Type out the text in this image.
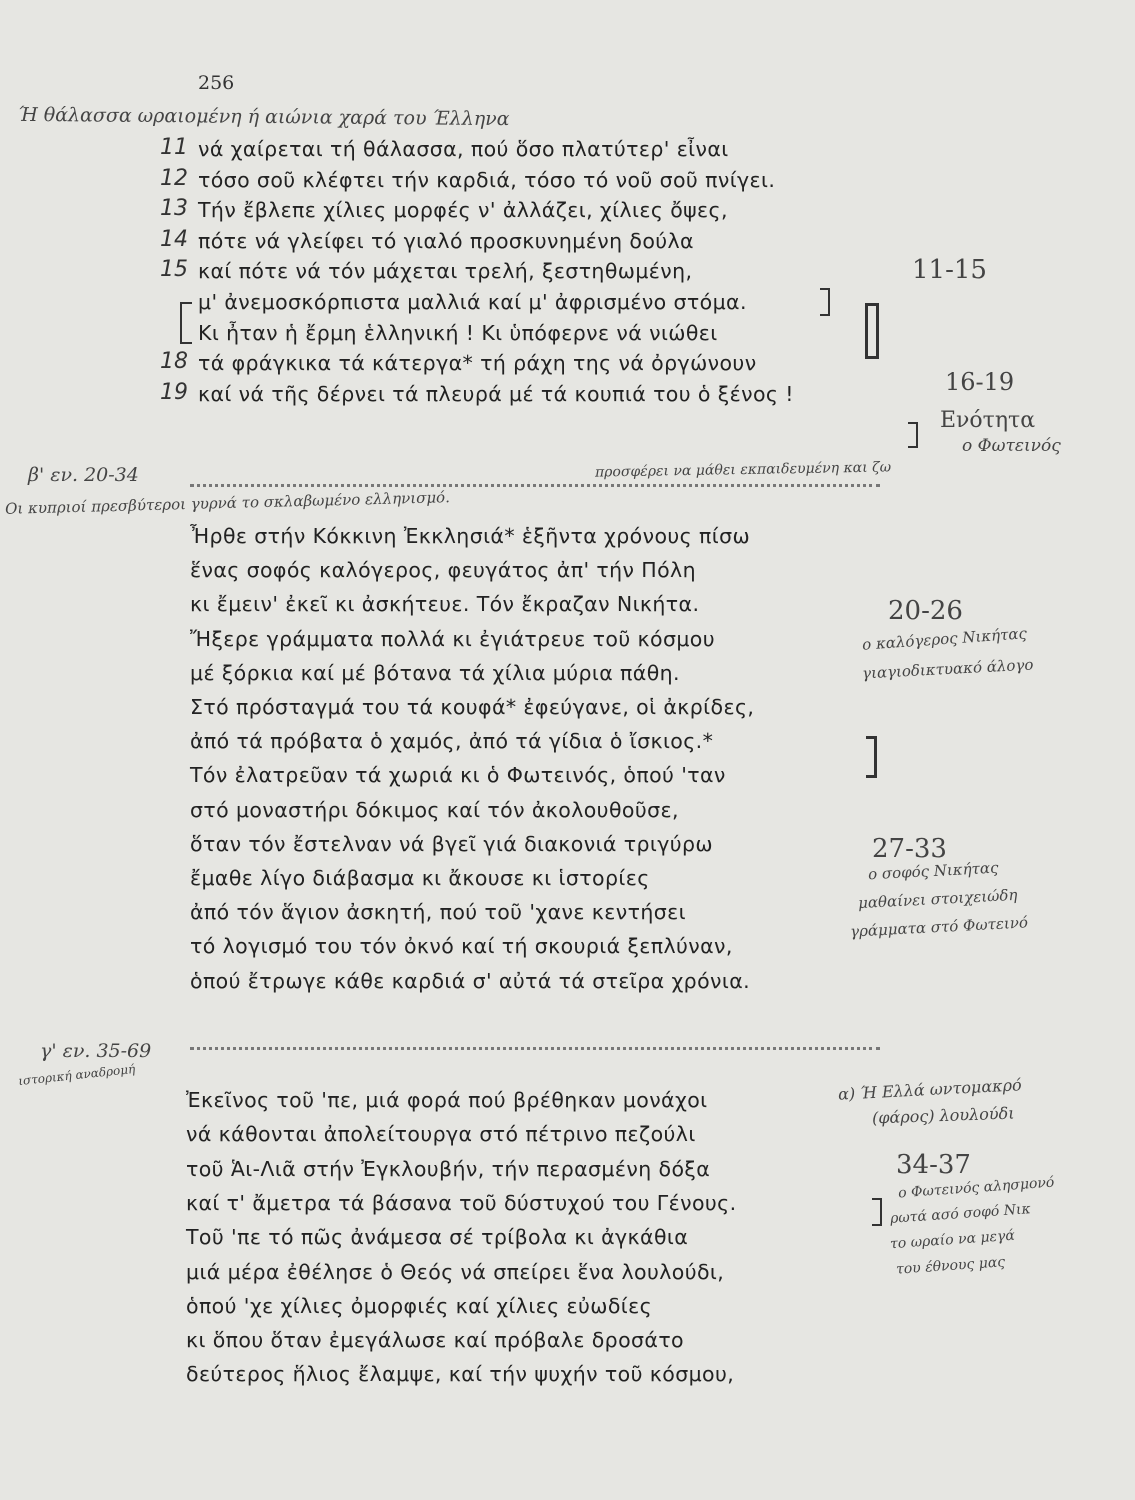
256
Ή θάλασσα ωραιομένη ή αιώνια χαρά του Έλληνα
νά χαίρεται τή θάλασσα, πού ὅσο πλατύτερ' εἶναι
11
τόσο σοῦ κλέφτει τήν καρδιά, τόσο τό νοῦ σοῦ πνίγει.
12
Τήν ἔβλεπε χίλιες μορφές ν' ἀλλάζει, χίλιες ὄψες,
13
πότε νά γλείφει τό γιαλό προσκυνημένη δούλα
14
καί πότε νά τόν μάχεται τρελή, ξεστηθωμένη,
15
μ' ἀνεμοσκόρπιστα μαλλιά καί μ' ἀφρισμένο στόμα.
Κι ἦταν ἡ ἔρμη ἑλληνική ! Κι ὑπόφερνε νά νιώθει
τά φράγκικα τά κάτεργα* τή ράχη της νά ὀργώνουν
18
καί νά τῆς δέρνει τά πλευρά μέ τά κουπιά του ὁ ξένος !
19
11-15
16-19
Ενότητα
ο Φωτεινός
β' εν. 20-34	προσφέρει να μάθει εκπαιδευμένη και ζω
Οι κυπριοί πρεσβύτεροι γυρνά το σκλαβωμένο ελληνισμό.
Ἦρθε στήν Κόκκινη Ἐκκλησιά* ἑξῆντα χρόνους πίσω
ἕνας σοφός καλόγερος, φευγάτος ἀπ' τήν Πόλη
κι ἔμειν' ἐκεῖ κι ἀσκήτευε. Τόν ἔκραζαν Νικήτα.
Ἤξερε γράμματα πολλά κι ἐγιάτρευε τοῦ κόσμου
μέ ξόρκια καί μέ βότανα τά χίλια μύρια πάθη.
Στό πρόσταγμά του τά κουφά* ἐφεύγανε, οἱ ἀκρίδες,
ἀπό τά πρόβατα ὁ χαμός, ἀπό τά γίδια ὁ ἴσκιος.*
Τόν ἐλατρεῦαν τά χωριά κι ὁ Φωτεινός, ὁπού 'ταν
στό μοναστήρι δόκιμος καί τόν ἀκολουθοῦσε,
ὅταν τόν ἔστελναν νά βγεῖ γιά διακονιά τριγύρω
ἔμαθε λίγο διάβασμα κι ἄκουσε κι ἱστορίες
ἀπό τόν ἅγιον ἀσκητή, πού τοῦ 'χανε κεντήσει
τό λογισμό του τόν ὀκνό καί τή σκουριά ξεπλύναν,
ὁπού ἔτρωγε κάθε καρδιά σ' αὐτά τά στεῖρα χρόνια.
20-26
ο καλόγερος Νικήτας
γιαγιοδικτυακό άλογο
27-33
ο σοφός Νικήτας
μαθαίνει στοιχειώδη
γράμματα στό Φωτεινό
γ' εν. 35-69
ιστορική αναδρομή
Ἐκεῖνος τοῦ 'πε, μιά φορά πού βρέθηκαν μονάχοι
νά κάθονται ἀπολείτουργα στό πέτρινο πεζούλι
τοῦ Ἁι-Λιᾶ στήν Ἐγκλουβήν, τήν περασμένη δόξα
καί τ' ἄμετρα τά βάσανα τοῦ δύστυχού του Γένους.
Τοῦ 'πε τό πῶς ἀνάμεσα σέ τρίβολα κι ἀγκάθια
μιά μέρα ἐθέλησε ὁ Θεός νά σπείρει ἕνα λουλούδι,
ὁπού 'χε χίλιες ὀμορφιές καί χίλιες εὐωδίες
κι ὅπου ὅταν ἐμεγάλωσε καί πρόβαλε δροσάτο
δεύτερος ἥλιος ἔλαμψε, καί τήν ψυχήν τοῦ κόσμου,
α) Ή Ελλά ωντομακρό
(φάρος) λουλούδι
34-37
ο Φωτεινός αλησμονό
ρωτά ασό σοφό Νικ
το ωραίο να μεγά
του έθνους μας
